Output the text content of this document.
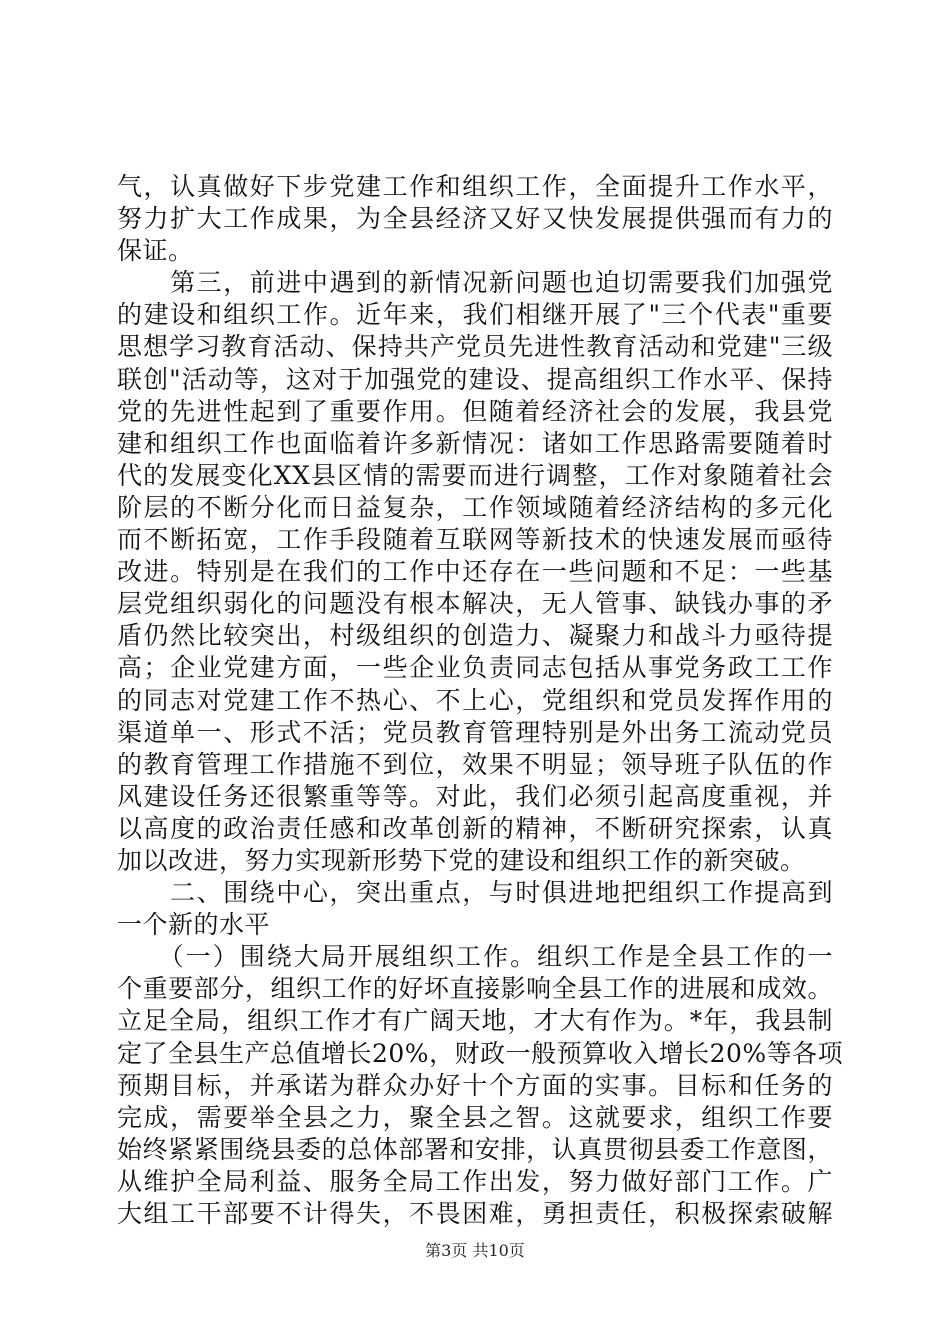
气，认真做好下步党建工作和组织工作，全面提升工作水平，
努力扩大工作成果，为全县经济又好又快发展提供强而有力的
保证。
　　第三，前进中遇到的新情况新问题也迫切需要我们加强党
的建设和组织工作。近年来，我们相继开展了"三个代表"重要
思想学习教育活动、保持共产党员先进性教育活动和党建"三级
联创"活动等，这对于加强党的建设、提高组织工作水平、保持
党的先进性起到了重要作用。但随着经济社会的发展，我县党
建和组织工作也面临着许多新情况：诸如工作思路需要随着时
代的发展变化XX县区情的需要而进行调整，工作对象随着社会
阶层的不断分化而日益复杂，工作领域随着经济结构的多元化
而不断拓宽，工作手段随着互联网等新技术的快速发展而亟待
改进。特别是在我们的工作中还存在一些问题和不足：一些基
层党组织弱化的问题没有根本解决，无人管事、缺钱办事的矛
盾仍然比较突出，村级组织的创造力、凝聚力和战斗力亟待提
高；企业党建方面，一些企业负责同志包括从事党务政工工作
的同志对党建工作不热心、不上心，党组织和党员发挥作用的
渠道单一、形式不活；党员教育管理特别是外出务工流动党员
的教育管理工作措施不到位，效果不明显；领导班子队伍的作
风建设任务还很繁重等等。对此，我们必须引起高度重视，并
以高度的政治责任感和改革创新的精神，不断研究探索，认真
加以改进，努力实现新形势下党的建设和组织工作的新突破。
　　二、围绕中心，突出重点，与时俱进地把组织工作提高到
一个新的水平
　　（一）围绕大局开展组织工作。组织工作是全县工作的一
个重要部分，组织工作的好坏直接影响全县工作的进展和成效。
立足全局，组织工作才有广阔天地，才大有作为。*年，我县制
定了全县生产总值增长20%，财政一般预算收入增长20%等各项
预期目标，并承诺为群众办好十个方面的实事。目标和任务的
完成，需要举全县之力，聚全县之智。这就要求，组织工作要
始终紧紧围绕县委的总体部署和安排，认真贯彻县委工作意图，
从维护全局利益、服务全局工作出发，努力做好部门工作。广
大组工干部要不计得失，不畏困难，勇担责任，积极探索破解
第3页 共10页
